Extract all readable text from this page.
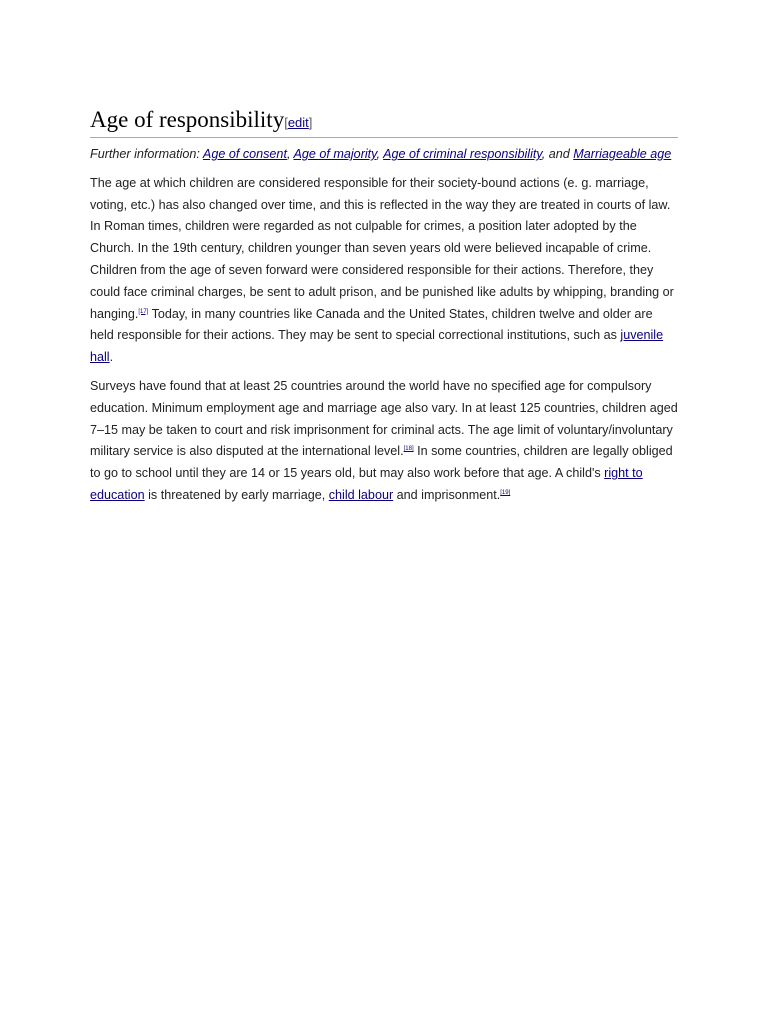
Age of responsibility[edit]
Further information: Age of consent, Age of majority, Age of criminal responsibility, and Marriageable age

The age at which children are considered responsible for their society-bound actions (e. g. marriage, voting, etc.) has also changed over time, and this is reflected in the way they are treated in courts of law. In Roman times, children were regarded as not culpable for crimes, a position later adopted by the Church. In the 19th century, children younger than seven years old were believed incapable of crime. Children from the age of seven forward were considered responsible for their actions. Therefore, they could face criminal charges, be sent to adult prison, and be punished like adults by whipping, branding or hanging.[17] Today, in many countries like Canada and the United States, children twelve and older are held responsible for their actions. They may be sent to special correctional institutions, such as juvenile hall.

Surveys have found that at least 25 countries around the world have no specified age for compulsory education. Minimum employment age and marriage age also vary. In at least 125 countries, children aged 7–15 may be taken to court and risk imprisonment for criminal acts. The age limit of voluntary/involuntary military service is also disputed at the international level.[18] In some countries, children are legally obliged to go to school until they are 14 or 15 years old, but may also work before that age. A child's right to education is threatened by early marriage, child labour and imprisonment.[19]
